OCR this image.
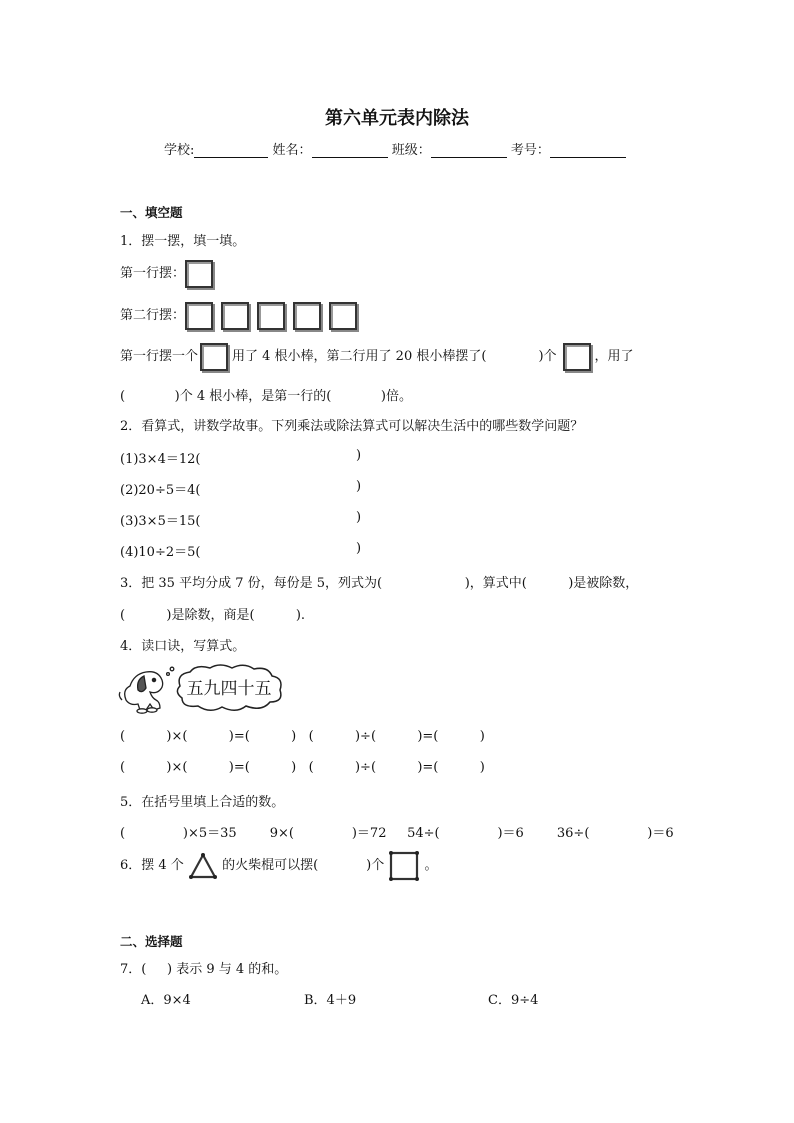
第六单元表内除法
学校:	姓名：	班级：	考号：
一、填空题
1．摆一摆，填一填。
第一行摆：
第二行摆：
第一行摆一个	用了 4 根小棒，第二行用了 20 根小棒摆了(	)个	，用了
(            )个 4 根小棒，是第一行的(            )倍。
2．看算式，讲数学故事。下列乘法或除法算式可以解决生活中的哪些数学问题？
(1)3×4＝12(	)
(2)20÷5＝4(	)
(3)3×5＝15(	)
(4)10÷2＝5(	)
3．把 35 平均分成 7 份，每份是 5，列式为(                    )，算式中(          )是被除数，
(          )是除数，商是(          ).
4．读口诀，写算式。
五九四十五
(          )×(          )=(          )   (          )÷(          )=(          )
(          )×(          )=(          )   (          )÷(          )=(          )
5．在括号里填上合适的数。
(              )×5＝35        9×(              )＝72     54÷(              )＝6        36÷(              )＝6
6．摆 4 个	的火柴棍可以摆(	)个	。
二、选择题
7．(     ) 表示 9 与 4 的和。
A．9×4	B．4＋9	C．9÷4
